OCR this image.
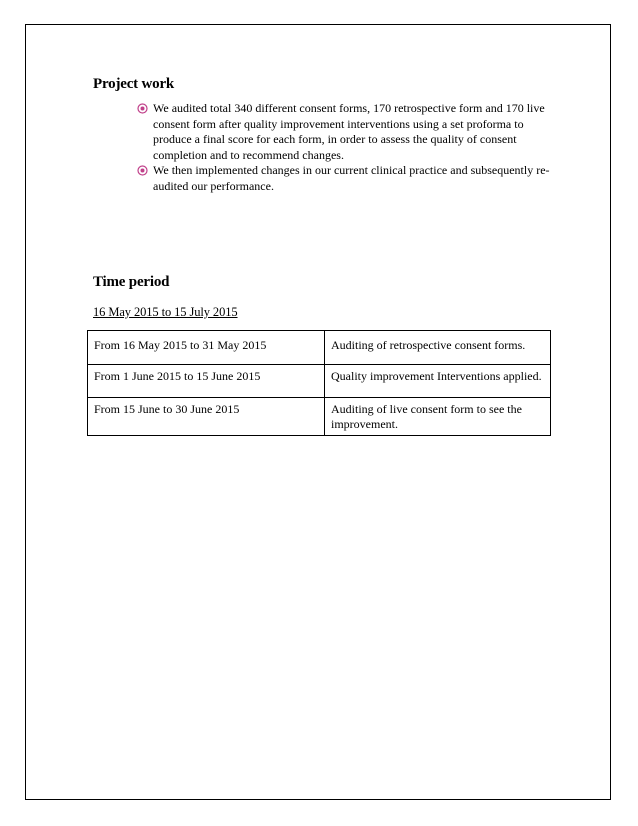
Project work
We audited total 340 different consent forms, 170 retrospective form and 170 live consent form after quality improvement interventions using a set proforma to produce a final score for each form, in order to assess the quality of consent completion and to recommend changes.
We then implemented changes in our current clinical practice and subsequently re-audited our performance.
Time period
16 May 2015 to 15 July 2015
From 16 May 2015 to 31 May 2015	Auditing of retrospective consent forms.
From 1 June 2015 to 15 June 2015	Quality improvement Interventions applied.
From 15 June to 30 June 2015	Auditing of live consent form to see the improvement.
